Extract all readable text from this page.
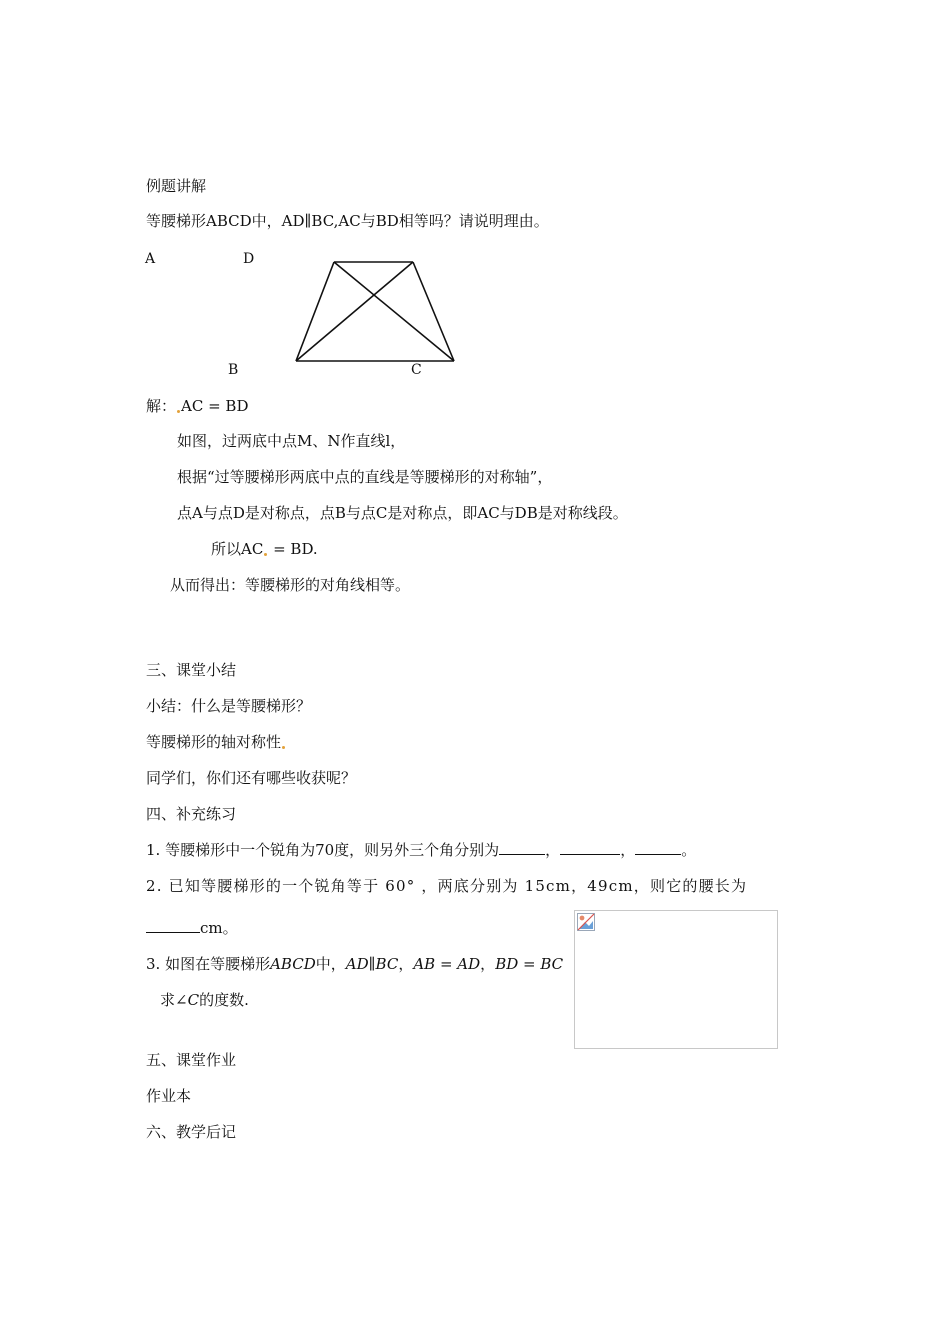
例题讲解
等腰梯形ABCD中，AD∥BC,AC与BD相等吗？请说明理由。
A	D
B	C
解： AC = BD
如图，过两底中点M、N作直线l，
根据“过等腰梯形两底中点的直线是等腰梯形的对称轴”，
点A与点D是对称点，点B与点C是对称点，即AC与DB是对称线段。
所以AC = BD.
从而得出：等腰梯形的对角线相等。
三、课堂小结
小结：什么是等腰梯形？
等腰梯形的轴对称性
同学们，你们还有哪些收获呢？
四、补充练习
1. 等腰梯形中一个锐角为70度，则另外三个角分别为	，	，	。
2. 已知等腰梯形的一个锐角等于 60° ，两底分别为 15cm，49cm，则它的腰长为
cm。
3. 如图在等腰梯形ABCD中，AD∥BC，AB = AD，BD = BC
求∠C的度数.
五、课堂作业
作业本
六、教学后记
